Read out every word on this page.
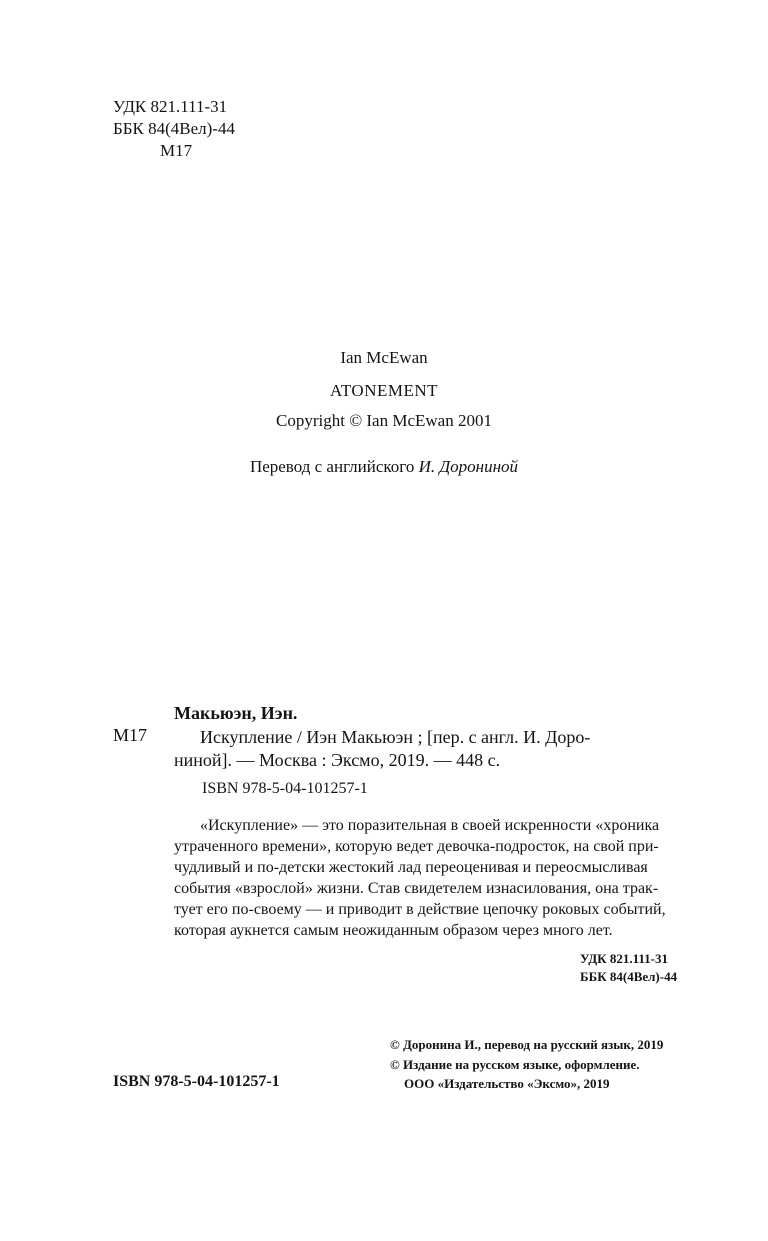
УДК 821.111-31
ББК 84(4Вел)-44
М17
Ian McEwan
ATONEMENT
Copyright © Ian McEwan 2001
Перевод с английского И. Дорониной
Макьюэн, Иэн.
М17	Искупление / Иэн Макьюэн ; [пер. с англ. И. Доро-
ниной]. — Москва : Эксмо, 2019. — 448 с.
ISBN 978-5-04-101257-1
«Искупление» — это поразительная в своей искренности «хроника
утраченного времени», которую ведет девочка-подросток, на свой при-
чудливый и по-детски жестокий лад переоценивая и переосмысливая
события «взрослой» жизни. Став свидетелем изнасилования, она трак-
тует его по-своему — и приводит в действие цепочку роковых событий,
которая аукнется самым неожиданным образом через много лет.
УДК 821.111-31
ББК 84(4Вел)-44
© Доронина И., перевод на русский язык, 2019
© Издание на русском языке, оформление.
ООО «Издательство «Эксмо», 2019
ISBN 978-5-04-101257-1
